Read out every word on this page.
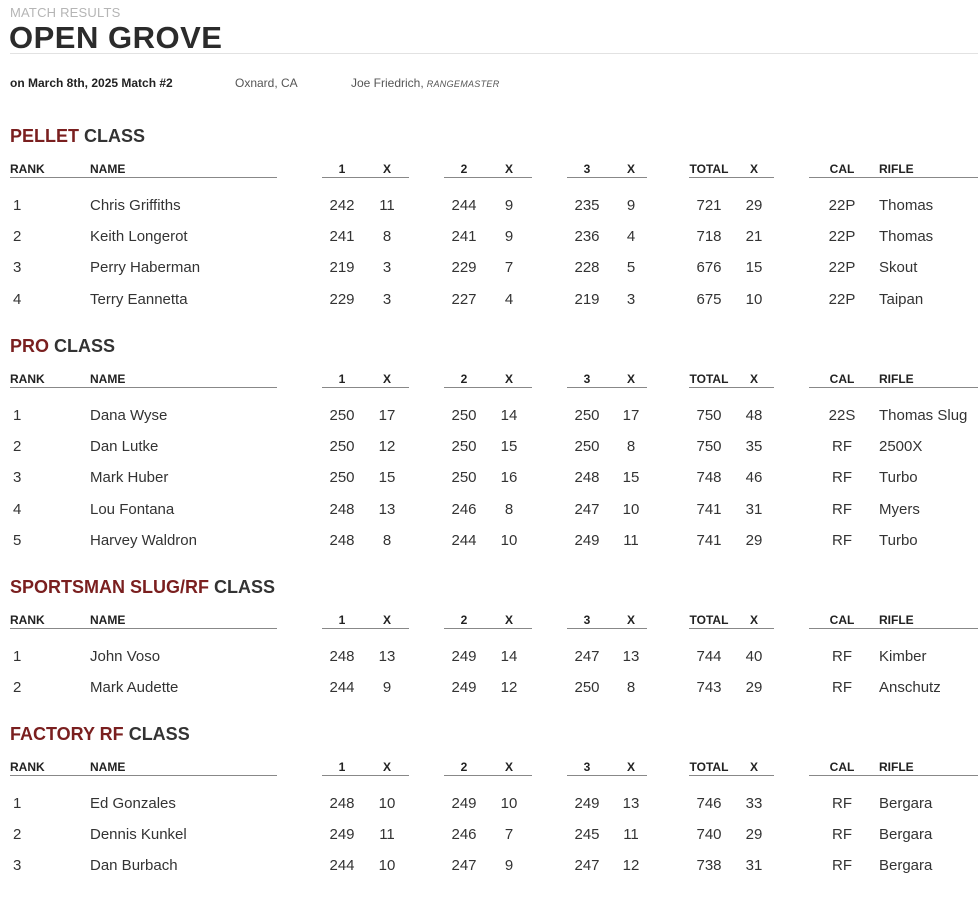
MATCH RESULTS
OPEN GROVE
on March 8th, 2025 Match #2	Oxnard, CA	Joe Friedrich, RANGEMASTER
PELLET CLASS
RANK	NAME	1	X	2	X	3	X	TOTAL	X	CAL	RIFLE
1	Chris Griffiths	242	11	244	9	235	9	721	29	22P	Thomas
2	Keith Longerot	241	8	241	9	236	4	718	21	22P	Thomas
3	Perry Haberman	219	3	229	7	228	5	676	15	22P	Skout
4	Terry Eannetta	229	3	227	4	219	3	675	10	22P	Taipan
PRO CLASS
RANK	NAME	1	X	2	X	3	X	TOTAL	X	CAL	RIFLE
1	Dana Wyse	250	17	250	14	250	17	750	48	22S	Thomas Slug
2	Dan Lutke	250	12	250	15	250	8	750	35	RF	2500X
3	Mark Huber	250	15	250	16	248	15	748	46	RF	Turbo
4	Lou Fontana	248	13	246	8	247	10	741	31	RF	Myers
5	Harvey Waldron	248	8	244	10	249	11	741	29	RF	Turbo
SPORTSMAN SLUG/RF CLASS
RANK	NAME	1	X	2	X	3	X	TOTAL	X	CAL	RIFLE
1	John Voso	248	13	249	14	247	13	744	40	RF	Kimber
2	Mark Audette	244	9	249	12	250	8	743	29	RF	Anschutz
FACTORY RF CLASS
RANK	NAME	1	X	2	X	3	X	TOTAL	X	CAL	RIFLE
1	Ed Gonzales	248	10	249	10	249	13	746	33	RF	Bergara
2	Dennis Kunkel	249	11	246	7	245	11	740	29	RF	Bergara
3	Dan Burbach	244	10	247	9	247	12	738	31	RF	Bergara
